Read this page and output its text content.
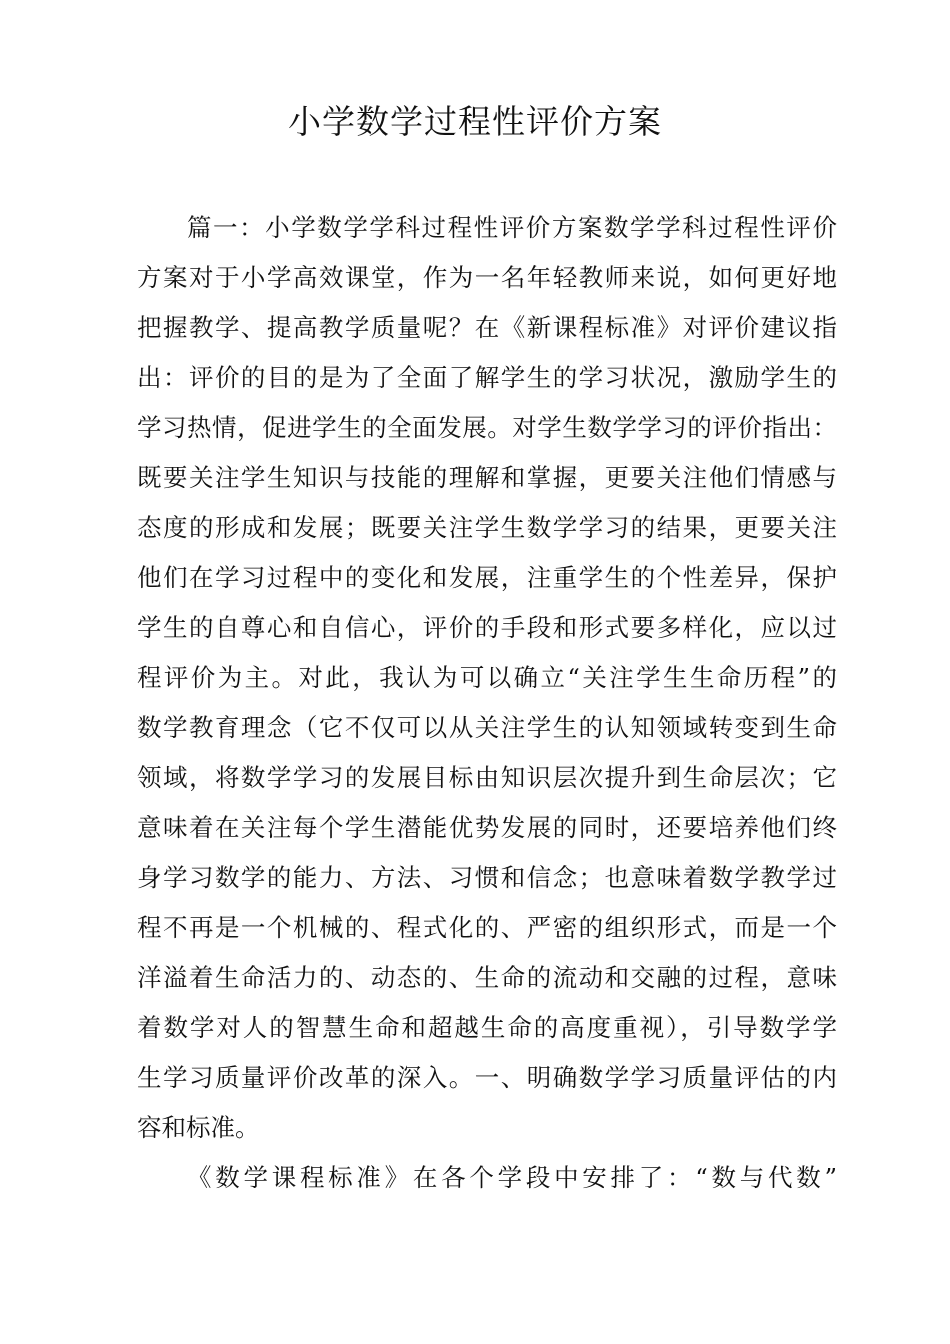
小学数学过程性评价方案

篇一：小学数学学科过程性评价方案数学学科过程性评价

方案对于小学高效课堂，作为一名年轻教师来说，如何更好地

把握教学、提高教学质量呢？在《新课程标准》对评价建议指

出：评价的目的是为了全面了解学生的学习状况，激励学生的

学习热情，促进学生的全面发展。对学生数学学习的评价指出：

既要关注学生知识与技能的理解和掌握，更要关注他们情感与

态度的形成和发展；既要关注学生数学学习的结果，更要关注

他们在学习过程中的变化和发展，注重学生的个性差异，保护

学生的自尊心和自信心，评价的手段和形式要多样化，应以过

程评价为主。对此，我认为可以确立“关注学生生命历程”的

数学教育理念（它不仅可以从关注学生的认知领域转变到生命

领域，将数学学习的发展目标由知识层次提升到生命层次；它

意味着在关注每个学生潜能优势发展的同时，还要培养他们终

身学习数学的能力、方法、习惯和信念；也意味着数学教学过

程不再是一个机械的、程式化的、严密的组织形式，而是一个

洋溢着生命活力的、动态的、生命的流动和交融的过程，意味

着数学对人的智慧生命和超越生命的高度重视），引导数学学

生学习质量评价改革的深入。一、明确数学学习质量评估的内

容和标准。

《数学课程标准》在各个学段中安排了：“数与代数”
